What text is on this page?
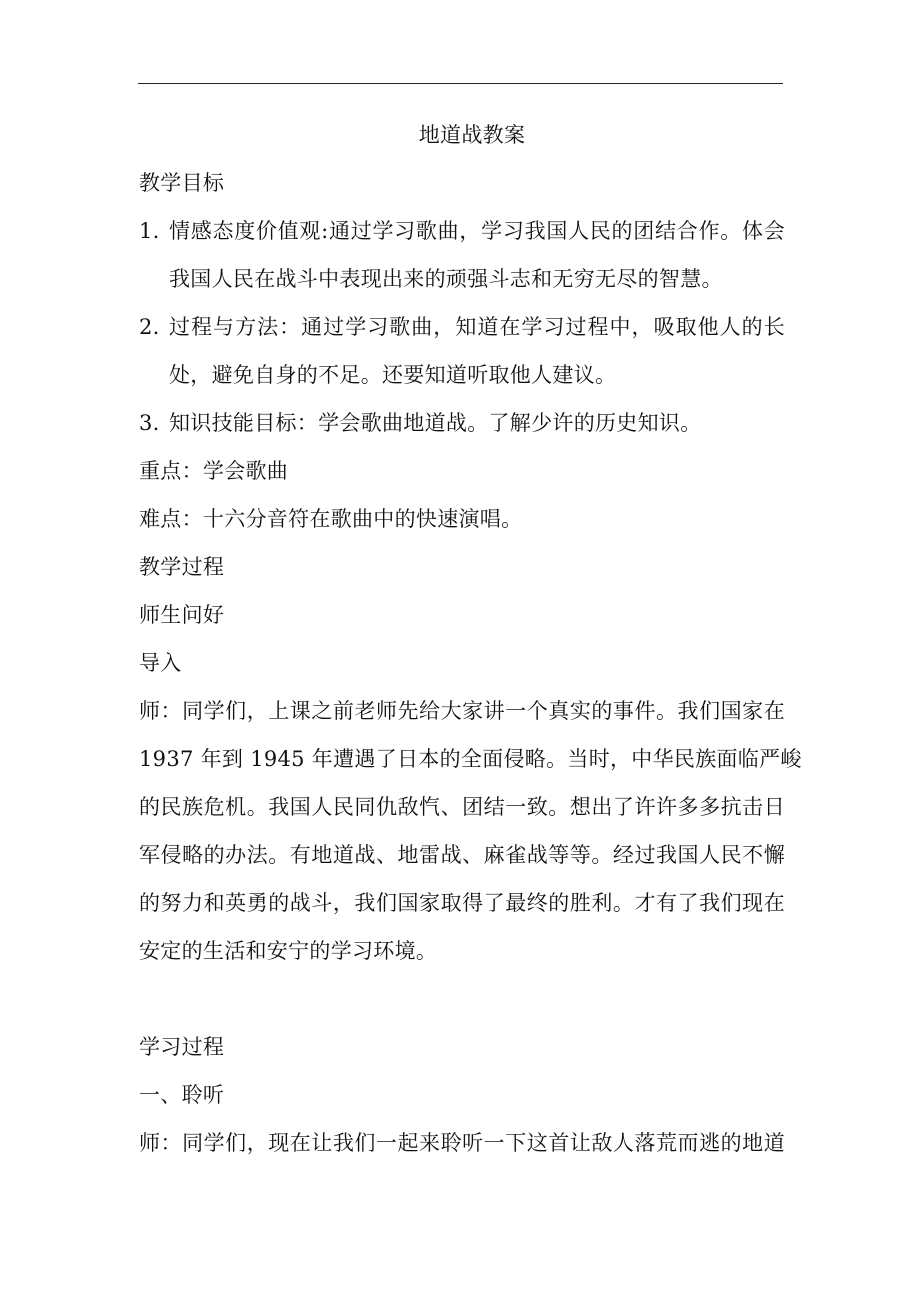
地道战教案
教学目标
1. 情感态度价值观:通过学习歌曲，学习我国人民的团结合作。体会
我国人民在战斗中表现出来的顽强斗志和无穷无尽的智慧。
2. 过程与方法：通过学习歌曲，知道在学习过程中，吸取他人的长
处，避免自身的不足。还要知道听取他人建议。
3. 知识技能目标：学会歌曲地道战。了解少许的历史知识。
重点：学会歌曲
难点：十六分音符在歌曲中的快速演唱。
教学过程
师生问好
导入
师：同学们，上课之前老师先给大家讲一个真实的事件。我们国家在
1937 年到 1945 年遭遇了日本的全面侵略。当时，中华民族面临严峻
的民族危机。我国人民同仇敌忾、团结一致。想出了许许多多抗击日
军侵略的办法。有地道战、地雷战、麻雀战等等。经过我国人民不懈
的努力和英勇的战斗，我们国家取得了最终的胜利。才有了我们现在
安定的生活和安宁的学习环境。
学习过程
一、聆听
师：同学们，现在让我们一起来聆听一下这首让敌人落荒而逃的地道
